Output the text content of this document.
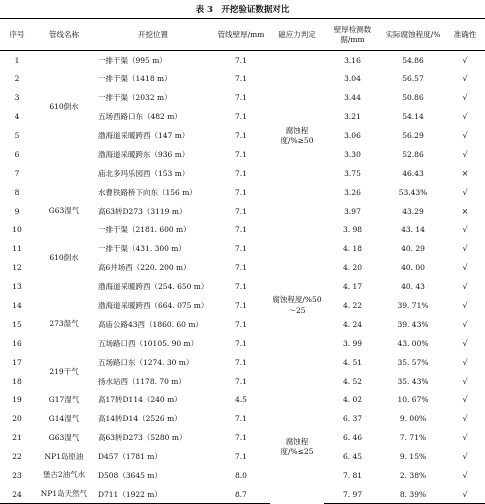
表 3　开挖验证数据对比
序号	管线名称	开挖位置	管线壁厚/mm	磁应力判定	壁厚检测数据/mm	实际腐蚀程度/%	准确性
1	610倒水	一排干渠（995 m）	7.1	腐蚀程度/%≥50	3.16	54.86	√
2		一排干渠（1418 m）	7.1		3.04	56.57	√
3		一排干渠（2032 m）	7.1		3.44	50.86	√
4		五场西路口东（482 m）	7.1		3.21	54.14	√
5		渤海道采暖跨西（147 m）	7.1		3.06	56.29	√
6		渤海道采暖跨东（936 m）	7.1		3.30	52.86	√
7		庙北多玛乐园西（153 m）	7.1		3.75	46.43	×
8		水曹铁路桥下向东（156 m）	7.1		3.26	53.43%	√
9	G63湿气	高63转D273（3119 m）	7.1		3.97	43.29	×
10	610倒水	一排干渠（2181. 600 m）	7.1	腐蚀程度/%50～25	3. 98	43. 14	√
11		一排干渠（431. 300 m）	7.1		4. 18	40. 29	√
12		高6井场西（220. 200 m）	7.1		4. 20	40. 00	√
13		渤海道采暖跨西（254. 650 m）	7.1		4. 17	40. 43	√
14	273湿气	渤海道采暖跨西（664. 075 m）	7.1		4. 22	39. 71%	√
15		高庙公路43西（1860. 60 m）	7.1		4. 24	39. 43%	√
16		五场路口西（10105. 90 m）	7.1		3. 99	43. 00%	√
17	219干气	五场路口东（1274. 30 m）	7.1		4. 51	35. 57%	√
18		扬水站西（1178. 70 m）	7.1		4. 52	35. 43%	√
19	G17湿气	高17转D114（240 m）	4.5	腐蚀程度/%≤25	4. 02	10. 67%	√
20	G14湿气	高14转D14（2526 m）	7.1		6. 37	9. 00%	√
21	G63湿气	高63转D273（5280 m）	7.1		6. 46	7. 71%	√
22	NP1岛原油	D457（1781 m）	7.1		6. 45	9. 15%	√
23	堡古2油气水	D508（3645 m）	8.0		7. 81	2. 38%	√
24	NP1岛天然气	D711（1922 m）	8.7		7. 97	8. 39%	√
